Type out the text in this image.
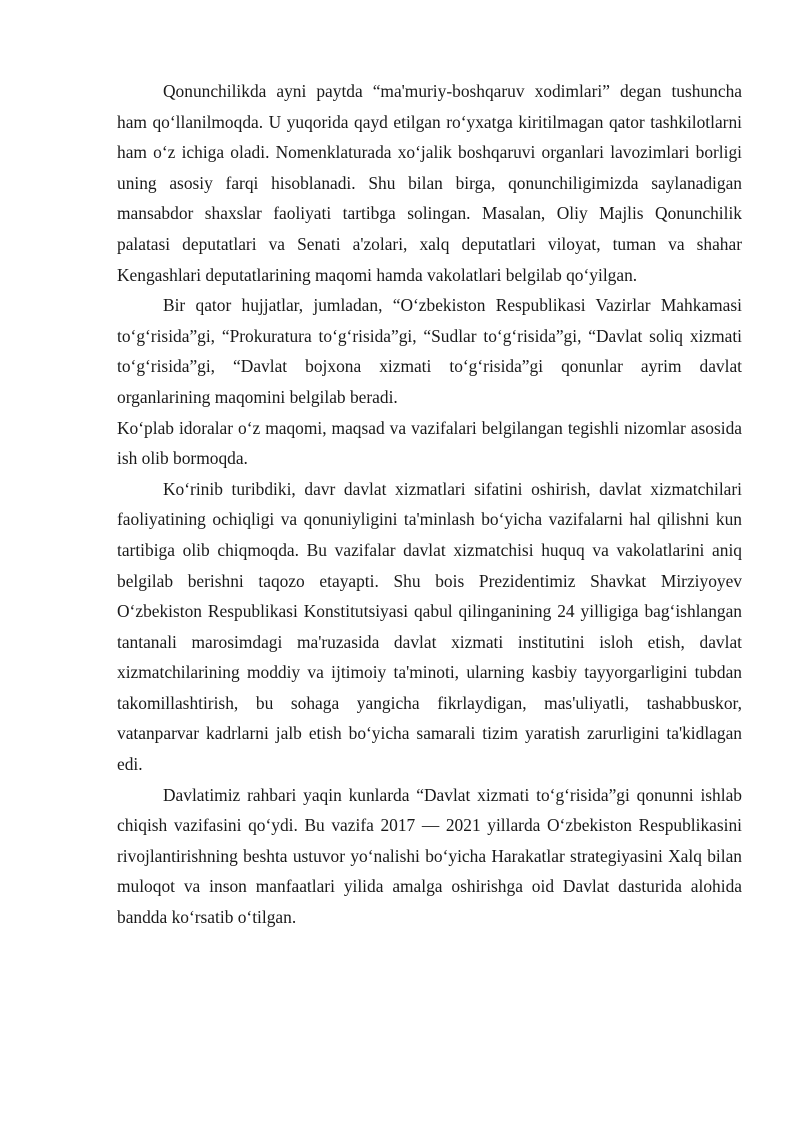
Qonunchilikda ayni paytda “ma'muriy-boshqaruv xodimlari” degan tushuncha ham qo‘llanilmoqda. U yuqorida qayd etilgan ro‘yxatga kiritilmagan qator tashkilotlarni ham o‘z ichiga oladi. Nomenklaturada xo‘jalik boshqaruvi organlari lavozimlari borligi uning asosiy farqi hisoblanadi. Shu bilan birga, qonunchiligimizda saylanadigan mansabdor shaxslar faoliyati tartibga solingan. Masalan, Oliy Majlis Qonunchilik palatasi deputatlari va Senati a'zolari, xalq deputatlari viloyat, tuman va shahar Kengashlari deputatlarining maqomi hamda vakolatlari belgilab qo‘yilgan.

Bir qator hujjatlar, jumladan, “O‘zbekiston Respublikasi Vazirlar Mahkamasi to‘g‘risida”gi, “Prokuratura to‘g‘risida”gi, “Sudlar to‘g‘risida”gi, “Davlat soliq xizmati to‘g‘risida”gi, “Davlat bojxona xizmati to‘g‘risida”gi qonunlar ayrim davlat organlarining maqomini belgilab beradi.

Ko‘plab idoralar o‘z maqomi, maqsad va vazifalari belgilangan tegishli nizomlar asosida ish olib bormoqda.

Ko‘rinib turibdiki, davr davlat xizmatlari sifatini oshirish, davlat xizmatchilari faoliyatining ochiqligi va qonuniyligini ta'minlash bo‘yicha vazifalarni hal qilishni kun tartibiga olib chiqmoqda. Bu vazifalar davlat xizmatchisi huquq va vakolatlarini aniq belgilab berishni taqozo etayapti. Shu bois Prezidentimiz Shavkat Mirziyoyev O‘zbekiston Respublikasi Konstitutsiyasi qabul qilinganining 24 yilligiga bag‘ishlangan tantanali marosimdagi ma'ruzasida davlat xizmati institutini isloh etish, davlat xizmatchilarining moddiy va ijtimoiy ta'minoti, ularning kasbiy tayyorgarligini tubdan takomillashtirish, bu sohaga yangicha fikrlaydigan, mas'uliyatli, tashabbuskor, vatanparvar kadrlarni jalb etish bo‘yicha samarali tizim yaratish zarurligini ta'kidlagan edi.

Davlatimiz rahbari yaqin kunlarda “Davlat xizmati to‘g‘risida”gi qonunni ishlab chiqish vazifasini qo‘ydi. Bu vazifa 2017 — 2021 yillarda O‘zbekiston Respublikasini rivojlantirishning beshta ustuvor yo‘nalishi bo‘yicha Harakatlar strategiyasini Xalq bilan muloqot va inson manfaatlari yilida amalga oshirishga oid Davlat dasturida alohida bandda ko‘rsatib o‘tilgan.
